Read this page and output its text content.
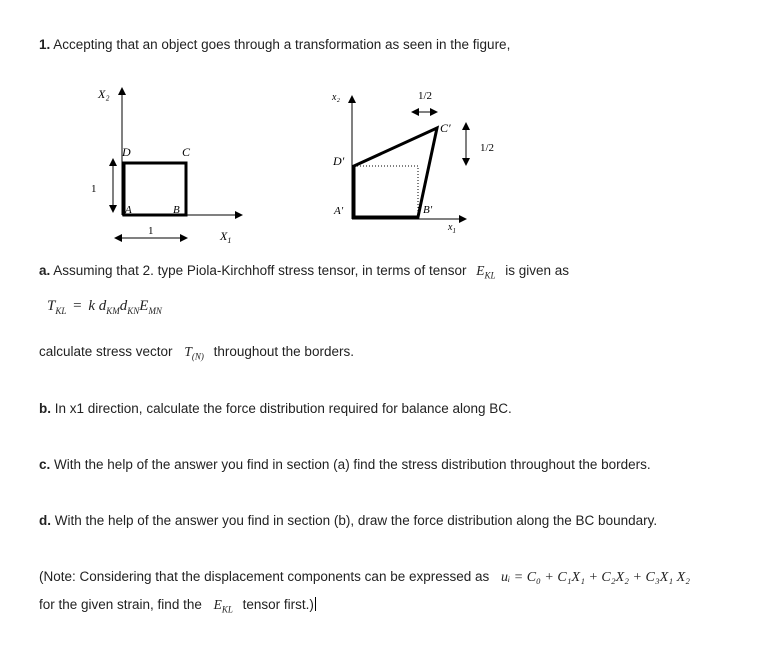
1. Accepting that an object goes through a transformation as seen in the figure,
X₂
D	C
A	B
1
1	$X_1$
x₂
D′
C′
A′	B′
1/2
1/2
$x_1$
a. Assuming that 2. type Piola-Kirchhoff stress tensor, in terms of tensor $E_{KL}$ is given as
$T_{KL} = k$ $d_{KM}d_{KN}E_{MN}$
calculate stress vector $T_{(N)}$ throughout the borders.
b. In x1 direction, calculate the force distribution required for balance along BC.
c. With the help of the answer you find in section (a) find the stress distribution throughout the borders.
d. With the help of the answer you find in section (b), draw the force distribution along the BC boundary.
(Note: Considering that the displacement components can be expressed as uᵢ = C₀ + C₁X₁ + C₂X₂ + C₃X₁ X₂
for the given strain, find the $E_{KL}$ tensor first.)
